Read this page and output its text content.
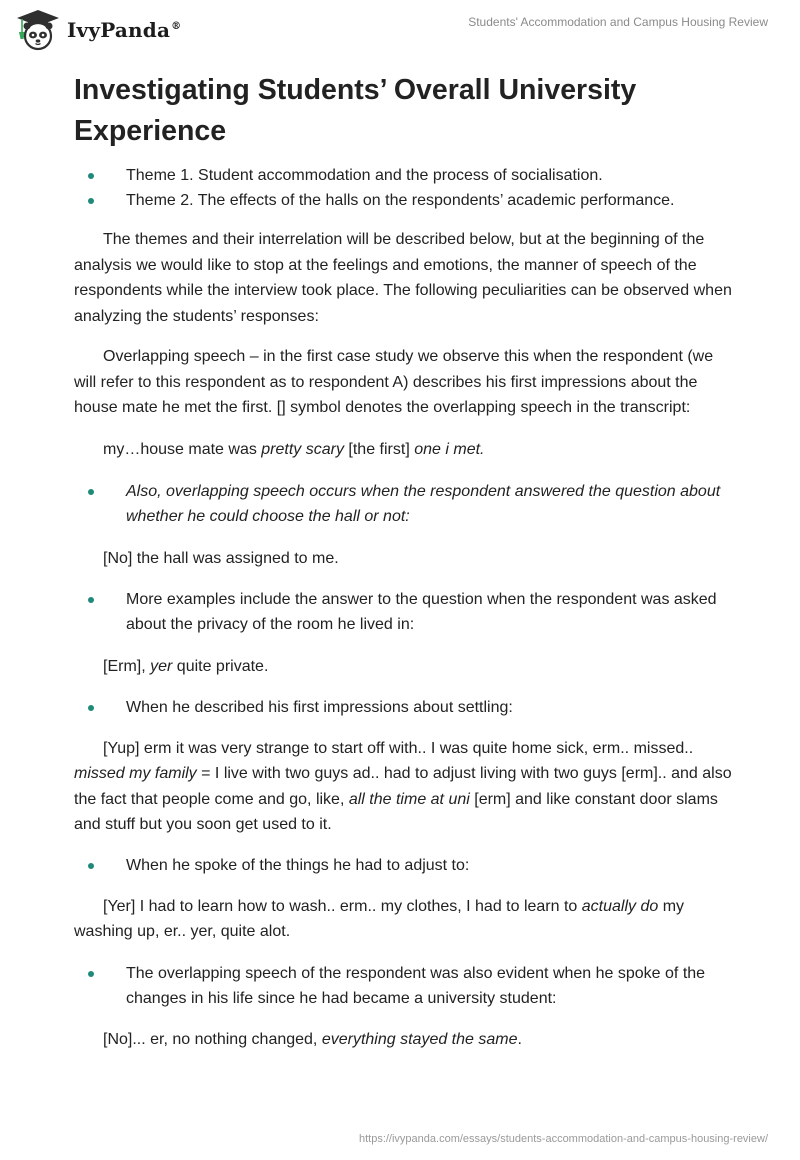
IvyPanda®	Students' Accommodation and Campus Housing Review
Investigating Students’ Overall University Experience
Theme 1. Student accommodation and the process of socialisation.
Theme 2. The effects of the halls on the respondents’ academic performance.

The themes and their interrelation will be described below, but at the beginning of the analysis we would like to stop at the feelings and emotions, the manner of speech of the respondents while the interview took place. The following peculiarities can be observed when analyzing the students’ responses:

Overlapping speech – in the first case study we observe this when the respondent (we will refer to this respondent as to respondent A) describes his first impressions about the house mate he met the first. [] symbol denotes the overlapping speech in the transcript:

my…house mate was pretty scary [the first] one i met.

Also, overlapping speech occurs when the respondent answered the question about whether he could choose the hall or not:

[No] the hall was assigned to me.

More examples include the answer to the question when the respondent was asked about the privacy of the room he lived in:

[Erm], yer quite private.

When he described his first impressions about settling:

[Yup] erm it was very strange to start off with.. I was quite home sick, erm.. missed.. missed my family = I live with two guys ad.. had to adjust living with two guys [erm].. and also the fact that people come and go, like, all the time at uni [erm] and like constant door slams and stuff but you soon get used to it.

When he spoke of the things he had to adjust to:

[Yer] I had to learn how to wash.. erm.. my clothes, I had to learn to actually do my washing up, er.. yer, quite alot.

The overlapping speech of the respondent was also evident when he spoke of the changes in his life since he had became a university student:

[No]... er, no nothing changed, everything stayed the same.

https://ivypanda.com/essays/students-accommodation-and-campus-housing-review/
